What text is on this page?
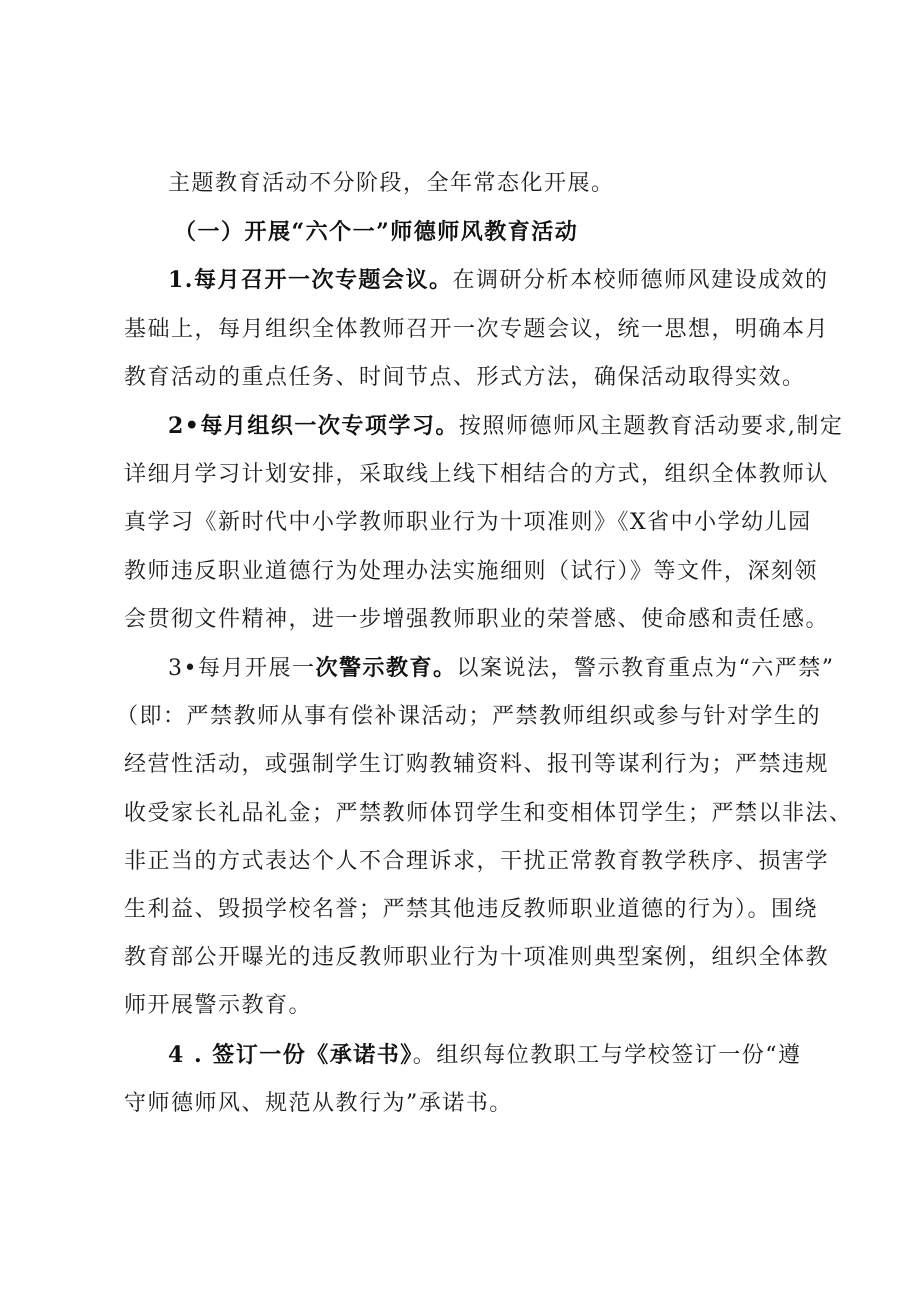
主题教育活动不分阶段，全年常态化开展。
（一）开展“六个一”师德师风教育活动
1.每月召开一次专题会议。在调研分析本校师德师风建设成效的
基础上，每月组织全体教师召开一次专题会议，统一思想，明确本月
教育活动的重点任务、时间节点、形式方法，确保活动取得实效。
2•每月组织一次专项学习。按照师德师风主题教育活动要求,制定
详细月学习计划安排，采取线上线下相结合的方式，组织全体教师认
真学习《新时代中小学教师职业行为十项准则》《X省中小学幼儿园
教师违反职业道德行为处理办法实施细则（试行）》等文件，深刻领
会贯彻文件精神，进一步增强教师职业的荣誉感、使命感和责任感。
3•每月开展一次警示教育。以案说法，警示教育重点为“六严禁”
（即：严禁教师从事有偿补课活动；严禁教师组织或参与针对学生的
经营性活动，或强制学生订购教辅资料、报刊等谋利行为；严禁违规
收受家长礼品礼金；严禁教师体罚学生和变相体罚学生；严禁以非法、
非正当的方式表达个人不合理诉求，干扰正常教育教学秩序、损害学
生利益、毁损学校名誉；严禁其他违反教师职业道德的行为）。围绕
教育部公开曝光的违反教师职业行为十项准则典型案例，组织全体教
师开展警示教育。
4 . 签订一份《承诺书》。组织每位教职工与学校签订一份“遵
守师德师风、规范从教行为”承诺书。
